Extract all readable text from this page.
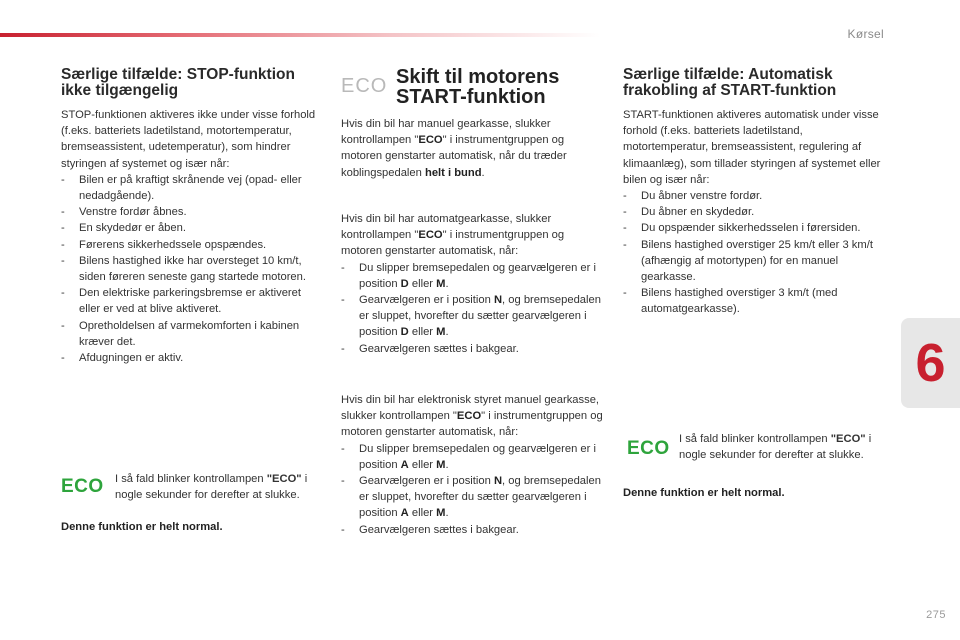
Kørsel
6
275
Særlige tilfælde: STOP-funktion ikke tilgængelig
STOP-funktionen aktiveres ikke under visse forhold (f.eks. batteriets ladetilstand, motortemperatur, bremseassistent, udetemperatur), som hindrer styringen af systemet og især når:
- Bilen er på kraftigt skrånende vej (opad- eller nedadgående).
- Venstre fordør åbnes.
- En skydedør er åben.
- Førerens sikkerhedssele opspændes.
- Bilens hastighed ikke har oversteget 10 km/t, siden føreren seneste gang startede motoren.
- Den elektriske parkeringsbremse er aktiveret eller er ved at blive aktiveret.
- Opretholdelsen af varmekomforten i kabinen kræver det.
- Afdugningen er aktiv.
ECO I så fald blinker kontrollampen "ECO" i nogle sekunder for derefter at slukke.

Denne funktion er helt normal.

ECO Skift til motorens
START-funktion

Hvis din bil har manuel gearkasse, slukker kontrollampen "ECO" i instrumentgruppen og motoren genstarter automatisk, når du træder koblingspedalen helt i bund.

Hvis din bil har automatgearkasse, slukker kontrollampen "ECO" i instrumentgruppen og motoren genstarter automatisk, når:
- Du slipper bremsepedalen og gearvælgeren er i position D eller M.
- Gearvælgeren er i position N, og bremsepedalen er sluppet, hvorefter du sætter gearvælgeren i position D eller M.
- Gearvælgeren sættes i bakgear.
Hvis din bil har elektronisk styret manuel gearkasse, slukker kontrollampen "ECO" i instrumentgruppen og motoren genstarter automatisk, når:
- Du slipper bremsepedalen og gearvælgeren er i position A eller M.
- Gearvælgeren er i position N, og bremsepedalen er sluppet, hvorefter du sætter gearvælgeren i position A eller M.
- Gearvælgeren sættes i bakgear.
Særlige tilfælde: Automatisk frakobling af START-funktion
START-funktionen aktiveres automatisk under visse forhold (f.eks. batteriets ladetilstand, motortemperatur, bremseassistent, regulering af klimaanlæg), som tillader styringen af systemet eller bilen og især når:
- Du åbner venstre fordør.
- Du åbner en skydedør.
- Du opspænder sikkerhedsselen i førersiden.
- Bilens hastighed overstiger 25 km/t eller 3 km/t (afhængig af motortypen) for en manuel gearkasse.
- Bilens hastighed overstiger 3 km/t (med automatgearkasse).
ECO I så fald blinker kontrollampen "ECO" i nogle sekunder for derefter at slukke.

Denne funktion er helt normal.
